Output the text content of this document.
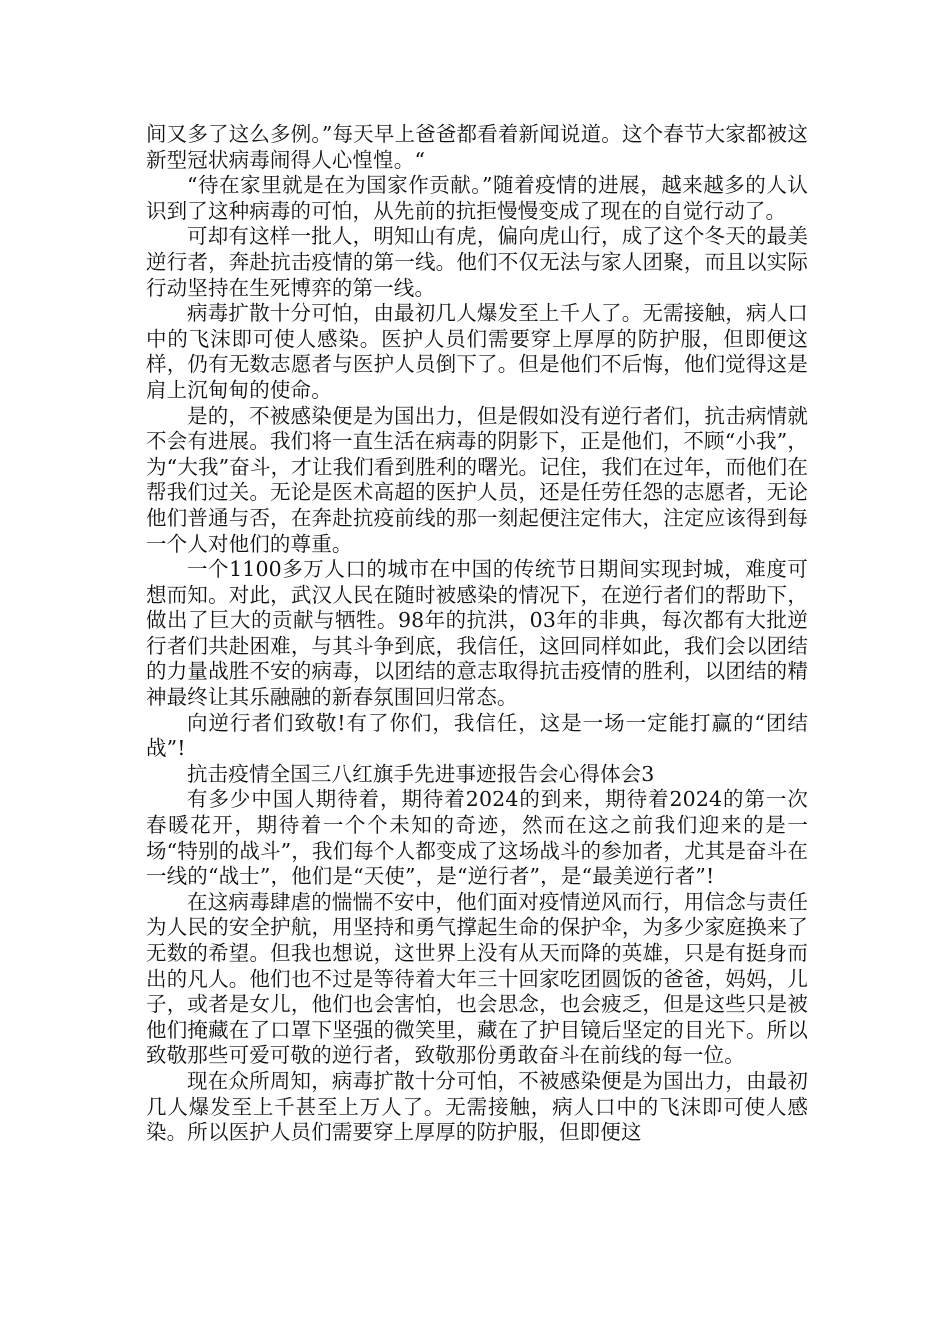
间又多了这么多例。”每天早上爸爸都看着新闻说道。这个春节大家都被这新型冠状病毒闹得人心惶惶。“

“待在家里就是在为国家作贡献。”随着疫情的进展，越来越多的人认识到了这种病毒的可怕，从先前的抗拒慢慢变成了现在的自觉行动了。

可却有这样一批人，明知山有虎，偏向虎山行，成了这个冬天的最美逆行者，奔赴抗击疫情的第一线。他们不仅无法与家人团聚，而且以实际行动坚持在生死博弈的第一线。

病毒扩散十分可怕，由最初几人爆发至上千人了。无需接触，病人口中的飞沫即可使人感染。医护人员们需要穿上厚厚的防护服，但即便这样，仍有无数志愿者与医护人员倒下了。但是他们不后悔，他们觉得这是肩上沉甸甸的使命。

是的，不被感染便是为国出力，但是假如没有逆行者们，抗击病情就不会有进展。我们将一直生活在病毒的阴影下，正是他们，不顾“小我”，为“大我”奋斗，才让我们看到胜利的曙光。记住，我们在过年，而他们在帮我们过关。无论是医术高超的医护人员，还是任劳任怨的志愿者，无论他们普通与否，在奔赴抗疫前线的那一刻起便注定伟大，注定应该得到每一个人对他们的尊重。

一个1100多万人口的城市在中国的传统节日期间实现封城，难度可想而知。对此，武汉人民在随时被感染的情况下，在逆行者们的帮助下，做出了巨大的贡献与牺牲。98年的抗洪，03年的非典，每次都有大批逆行者们共赴困难，与其斗争到底，我信任，这回同样如此，我们会以团结的力量战胜不安的病毒，以团结的意志取得抗击疫情的胜利，以团结的精神最终让其乐融融的新春氛围回归常态。

向逆行者们致敬!有了你们，我信任，这是一场一定能打赢的“团结战”!

抗击疫情全国三八红旗手先进事迹报告会心得体会3

有多少中国人期待着，期待着2024的到来，期待着2024的第一次春暖花开，期待着一个个未知的奇迹，然而在这之前我们迎来的是一场“特别的战斗”，我们每个人都变成了这场战斗的参加者，尤其是奋斗在一线的“战士”，他们是“天使”，是“逆行者”，是“最美逆行者”!

在这病毒肆虐的惴惴不安中，他们面对疫情逆风而行，用信念与责任为人民的安全护航，用坚持和勇气撑起生命的保护伞，为多少家庭换来了无数的希望。但我也想说，这世界上没有从天而降的英雄，只是有挺身而出的凡人。他们也不过是等待着大年三十回家吃团圆饭的爸爸，妈妈，儿子，或者是女儿，他们也会害怕，也会思念，也会疲乏，但是这些只是被他们掩藏在了口罩下坚强的微笑里，藏在了护目镜后坚定的目光下。所以致敬那些可爱可敬的逆行者，致敬那份勇敢奋斗在前线的每一位。

现在众所周知，病毒扩散十分可怕，不被感染便是为国出力，由最初几人爆发至上千甚至上万人了。无需接触，病人口中的飞沫即可使人感染。所以医护人员们需要穿上厚厚的防护服，但即便这
